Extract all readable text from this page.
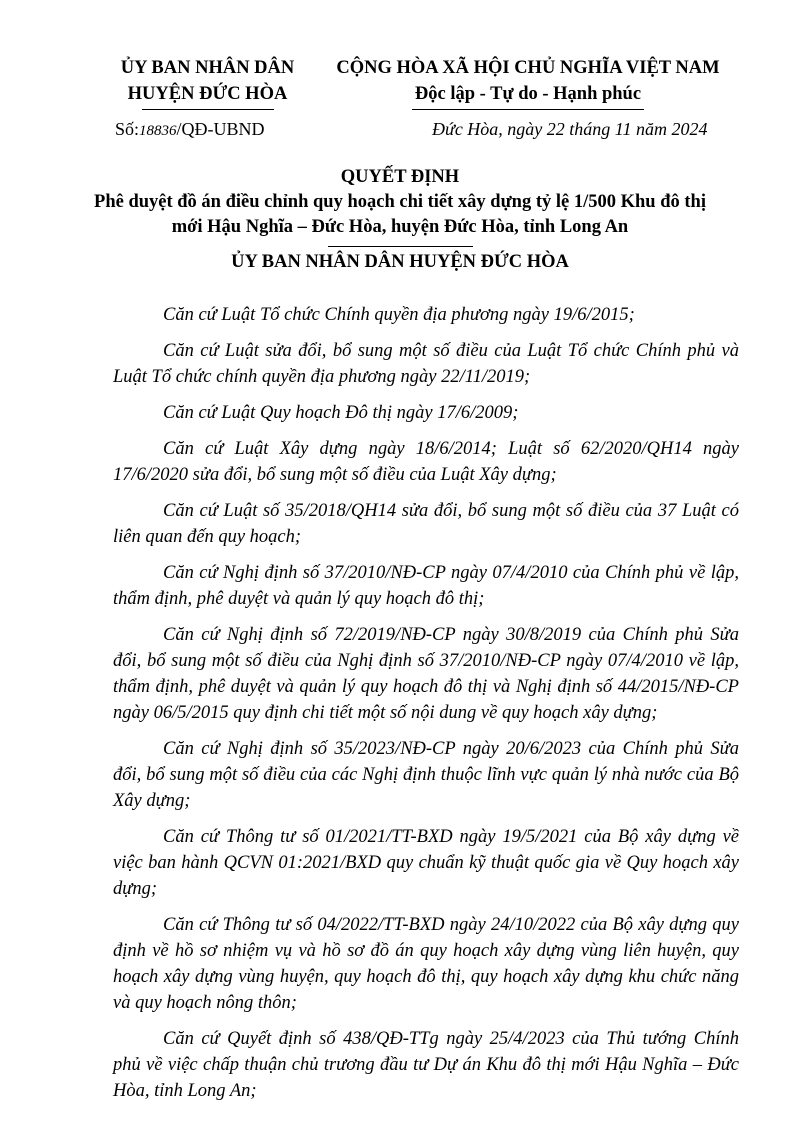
ỦY BAN NHÂN DÂN
HUYỆN ĐỨC HÒA
CỘNG HÒA XÃ HỘI CHỦ NGHĨA VIỆT NAM
Độc lập - Tự do - Hạnh phúc
Số:18836/QĐ-UBND	Đức Hòa, ngày 22 tháng 11 năm 2024
QUYẾT ĐỊNH
Phê duyệt đồ án điều chỉnh quy hoạch chi tiết xây dựng tỷ lệ 1/500 Khu đô thị mới Hậu Nghĩa – Đức Hòa, huyện Đức Hòa, tỉnh Long An
ỦY BAN NHÂN DÂN HUYỆN ĐỨC HÒA

Căn cứ Luật Tổ chức Chính quyền địa phương ngày 19/6/2015;

Căn cứ Luật sửa đổi, bổ sung một số điều của Luật Tổ chức Chính phủ và Luật Tổ chức chính quyền địa phương ngày 22/11/2019;

Căn cứ Luật Quy hoạch Đô thị ngày 17/6/2009;

Căn cứ Luật Xây dựng ngày 18/6/2014; Luật số 62/2020/QH14 ngày 17/6/2020 sửa đổi, bổ sung một số điều của Luật Xây dựng;

Căn cứ Luật số 35/2018/QH14 sửa đổi, bổ sung một số điều của 37 Luật có liên quan đến quy hoạch;

Căn cứ Nghị định số 37/2010/NĐ-CP ngày 07/4/2010 của Chính phủ về lập, thẩm định, phê duyệt và quản lý quy hoạch đô thị;

Căn cứ Nghị định số 72/2019/NĐ-CP ngày 30/8/2019 của Chính phủ Sửa đổi, bổ sung một số điều của Nghị định số 37/2010/NĐ-CP ngày 07/4/2010 về lập, thẩm định, phê duyệt và quản lý quy hoạch đô thị và Nghị định số 44/2015/NĐ-CP ngày 06/5/2015 quy định chi tiết một số nội dung về quy hoạch xây dựng;

Căn cứ Nghị định số 35/2023/NĐ-CP ngày 20/6/2023 của Chính phủ Sửa đổi, bổ sung một số điều của các Nghị định thuộc lĩnh vực quản lý nhà nước của Bộ Xây dựng;

Căn cứ Thông tư số 01/2021/TT-BXD ngày 19/5/2021 của Bộ xây dựng về việc ban hành QCVN 01:2021/BXD quy chuẩn kỹ thuật quốc gia về Quy hoạch xây dựng;

Căn cứ Thông tư số 04/2022/TT-BXD ngày 24/10/2022 của Bộ xây dựng quy định về hồ sơ nhiệm vụ và hồ sơ đồ án quy hoạch xây dựng vùng liên huyện, quy hoạch xây dựng vùng huyện, quy hoạch đô thị, quy hoạch xây dựng khu chức năng và quy hoạch nông thôn;

Căn cứ Quyết định số 438/QĐ-TTg ngày 25/4/2023 của Thủ tướng Chính phủ về việc chấp thuận chủ trương đầu tư Dự án Khu đô thị mới Hậu Nghĩa – Đức Hòa, tỉnh Long An;
